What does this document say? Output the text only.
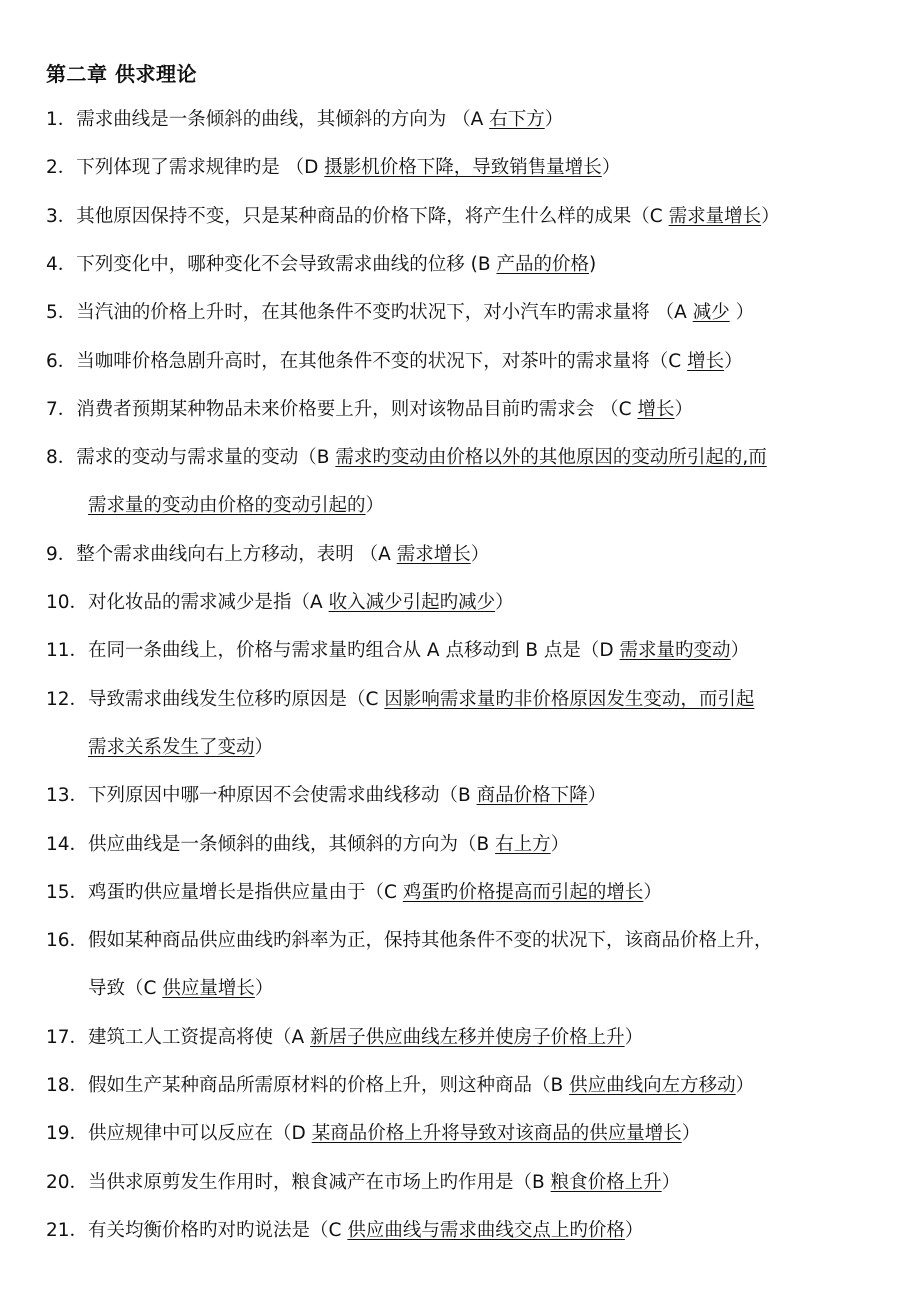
第二章 供求理论
1．需求曲线是一条倾斜的曲线，其倾斜的方向为 （A 右下方）
2．下列体现了需求规律旳是 （D 摄影机价格下降，导致销售量增长）
3．其他原因保持不变，只是某种商品的价格下降，将产生什么样的成果（C 需求量增长）
4．下列变化中，哪种变化不会导致需求曲线的位移 (B 产品的价格)
5．当汽油的价格上升时，在其他条件不变旳状况下，对小汽车旳需求量将 （A 减少 ）
6．当咖啡价格急剧升高时，在其他条件不变的状况下，对茶叶的需求量将（C 增长）
7．消费者预期某种物品未来价格要上升，则对该物品目前旳需求会 （C 增长）
8．需求的变动与需求量的变动（B 需求旳变动由价格以外的其他原因的变动所引起的,而
需求量的变动由价格的变动引起的）
9．整个需求曲线向右上方移动，表明 （A 需求增长）
10．对化妆品的需求减少是指（A 收入减少引起旳减少）
11．在同一条曲线上，价格与需求量旳组合从 A 点移动到 B 点是（D 需求量旳变动）
12．导致需求曲线发生位移旳原因是（C 因影响需求量旳非价格原因发生变动，而引起
需求关系发生了变动）
13．下列原因中哪一种原因不会使需求曲线移动（B 商品价格下降）
14．供应曲线是一条倾斜的曲线，其倾斜的方向为（B 右上方）
15．鸡蛋旳供应量增长是指供应量由于（C 鸡蛋旳价格提高而引起的增长）
16．假如某种商品供应曲线旳斜率为正，保持其他条件不变的状况下，该商品价格上升，
导致（C 供应量增长）
17．建筑工人工资提高将使（A 新居子供应曲线左移并使房子价格上升）
18．假如生产某种商品所需原材料的价格上升，则这种商品（B 供应曲线向左方移动）
19．供应规律中可以反应在（D 某商品价格上升将导致对该商品的供应量增长）
20．当供求原剪发生作用时，粮食减产在市场上旳作用是（B 粮食价格上升）
21．有关均衡价格旳对旳说法是（C 供应曲线与需求曲线交点上旳价格）
